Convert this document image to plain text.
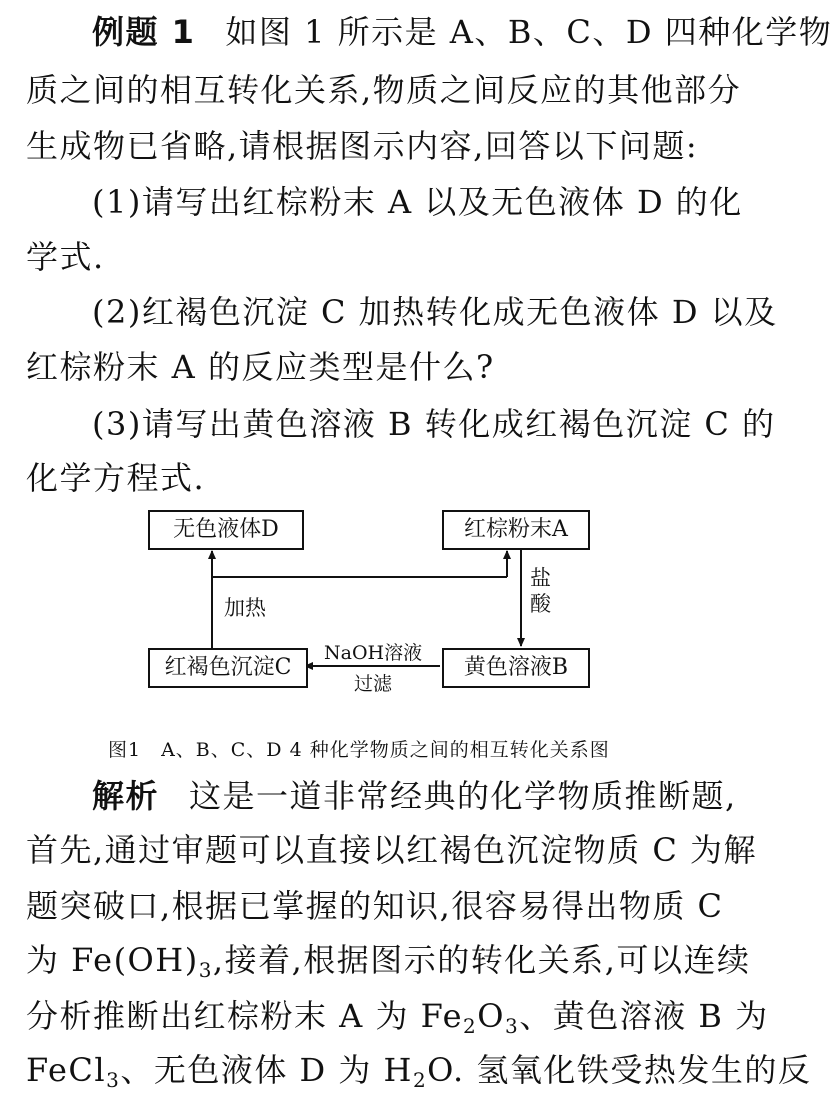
例题 1 如图 1 所示是 A、B、C、D 四种化学物
质之间的相互转化关系,物质之间反应的其他部分
生成物已省略,请根据图示内容,回答以下问题:
(1)请写出红棕粉末 A 以及无色液体 D 的化
学式.
(2)红褐色沉淀 C 加热转化成无色液体 D 以及
红棕粉末 A 的反应类型是什么?
(3)请写出黄色溶液 B 转化成红褐色沉淀 C 的
化学方程式.
无色液体D	红棕粉末A
红褐色沉淀C	黄色溶液B
加热
盐
酸
NaOH溶液
过滤
图1　A、B、C、D 4 种化学物质之间的相互转化关系图
解析 这是一道非常经典的化学物质推断题,
首先,通过审题可以直接以红褐色沉淀物质 C 为解
题突破口,根据已掌握的知识,很容易得出物质 C
为 $Fe(OH)_3$,接着,根据图示的转化关系,可以连续
分析推断出红棕粉末 A 为 $Fe_2O_3$、黄色溶液 B 为
FeCl$_3$、无色液体 D 为 $H_2O$. 氢氧化铁受热发生的反
